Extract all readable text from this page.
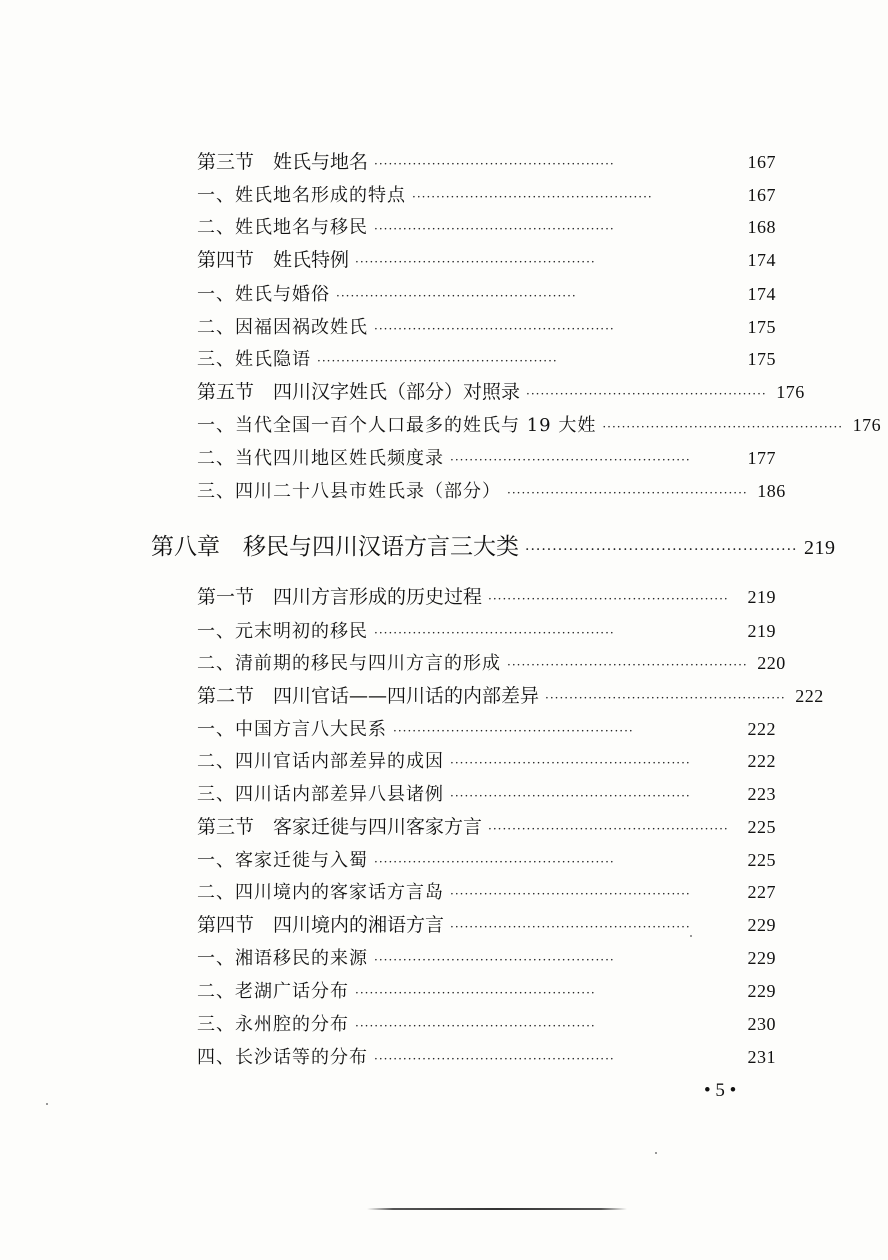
第三节　姓氏与地名 ··················································	167
一、姓氏地名形成的特点 ··················································	167
二、姓氏地名与移民 ··················································	168
第四节　姓氏特例 ··················································	174
一、姓氏与婚俗 ··················································	174
二、因福因祸改姓氏 ··················································	175
三、姓氏隐语 ··················································	175
第五节　四川汉字姓氏（部分）对照录 ·················································· 176
一、当代全国一百个人口最多的姓氏与 19 大姓 ·················································· 176
二、当代四川地区姓氏频度录 ··················································	177
三、四川二十八县市姓氏录（部分） ·················································· 186
第八章　移民与四川汉语方言三大类 ·················································· 219
第一节　四川方言形成的历史过程 ··················································	219
一、元末明初的移民 ··················································	219
二、清前期的移民与四川方言的形成 ·················································· 220
第二节　四川官话——四川话的内部差异 ·················································· 222
一、中国方言八大民系 ··················································	222
二、四川官话内部差异的成因 ··················································	222
三、四川话内部差异八县诸例 ··················································	223
第三节　客家迁徙与四川客家方言 ··················································	225
一、客家迁徙与入蜀 ··················································	225
二、四川境内的客家话方言岛 ··················································	227
第四节　四川境内的湘语方言 ··················································	229
一、湘语移民的来源 ··················································	229
二、老湖广话分布 ··················································	229
三、永州腔的分布 ··················································	230
四、长沙话等的分布 ··················································	231
• 5 •
